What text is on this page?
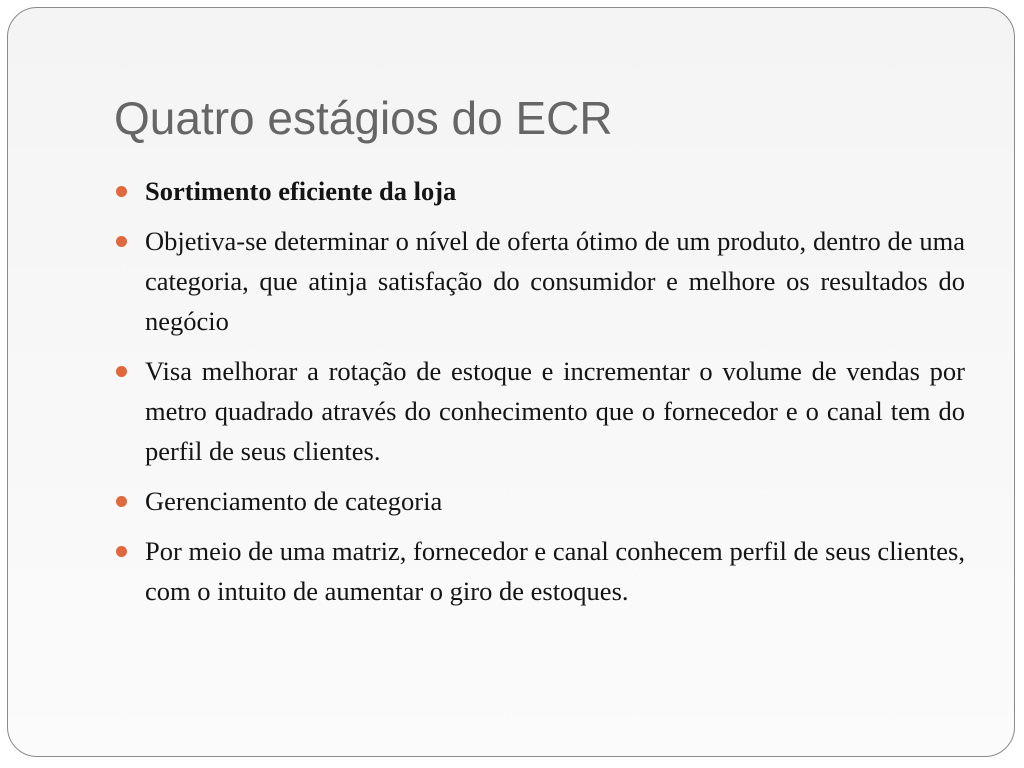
Quatro estágios do ECR
Sortimento eficiente da loja
Objetiva-se determinar o nível de oferta ótimo de um produto, dentro de uma categoria, que atinja satisfação do consumidor e melhore os resultados do negócio
Visa melhorar a rotação de estoque e incrementar o volume de vendas por metro quadrado através do conhecimento que o fornecedor e o canal tem do perfil de seus clientes.
Gerenciamento de categoria
Por meio de uma matriz, fornecedor e canal conhecem perfil de seus clientes, com o intuito de aumentar o giro de estoques.
